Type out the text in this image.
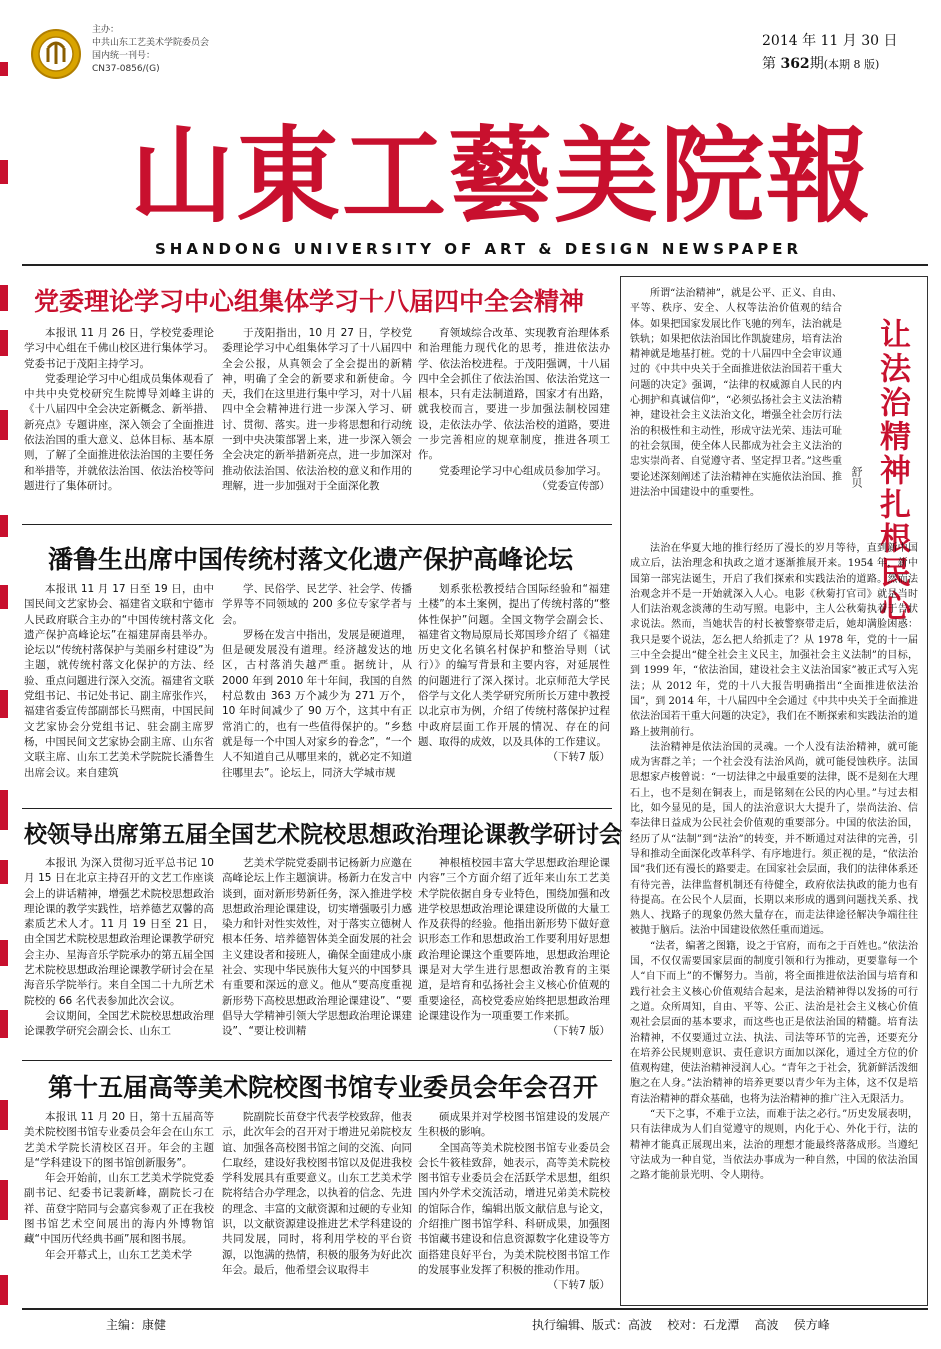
主办：
中共山东工艺美术学院委员会
国内统一刊号：
CN37-0856/(G)
2014 年 11 月 30 日
第 362期(本期 8 版)
山東工藝美院報
SHANDONG UNIVERSITY OF ART & DESIGN NEWSPAPER
党委理论学习中心组集体学习十八届四中全会精神

本报讯 11 月 26 日，学校党委理论学习中心组在千佛山校区进行集体学习。党委书记于茂阳主持学习。

党委理论学习中心组成员集体观看了中共中央党校研究生院博导刘峰主讲的《十八届四中全会决定新概念、新举措、新亮点》专题讲座，深入领会了全面推进依法治国的重大意义、总体目标、基本原则，了解了全面推进依法治国的主要任务和举措等，并就依法治国、依法治校等问题进行了集体研讨。

于茂阳指出，10 月 27 日，学校党委理论学习中心组集体学习了十八届四中全会公报，从真领会了全会提出的新精神，明确了全会的新要求和新使命。今天，我们在这里进行集中学习，对十八届四中全会精神进行进一步深入学习、研讨、贯彻、落实。进一步将思想和行动统一到中央决策部署上来，进一步深入领会全会决定的新举措新亮点，进一步加深对推动依法治国、依法治校的意义和作用的理解，进一步加强对于全面深化教

育领域综合改革、实现教育治理体系和治理能力现代化的思考，推进依法办学、依法治校进程。于茂阳强调，十八届四中全会抓住了依法治国、依法治党这一根本，只有走法制道路，国家才有出路，就我校而言，要进一步加强法制校园建设，走依法办学、依法治校的道路，要进一步完善相应的规章制度，推进各项工作。

党委理论学习中心组成员参加学习。

（党委宣传部）

潘鲁生出席中国传统村落文化遗产保护高峰论坛

本报讯 11 月 17 日至 19 日，由中国民间文艺家协会、福建省文联和宁德市人民政府联合主办的“中国传统村落文化遗产保护高峰论坛”在福建屏南县举办。论坛以“传统村落保护与美丽乡村建设”为主题，就传统村落文化保护的方法、经验、重点问题进行深入交流。福建省文联党组书记、书记处书记、副主席张作兴，福建省委宣传部副部长马熙南，中国民间文艺家协会分党组书记、驻会副主席罗杨，中国民间文艺家协会副主席、山东省文联主席、山东工艺美术学院院长潘鲁生出席会议。来自建筑

学、民俗学、民艺学、社会学、传播学界等不同领域的 200 多位专家学者与会。

罗杨在发言中指出，发展是硬道理，但是硬发展没有道理。经济越发达的地区，古村落消失越严重。据统计，从 2000 年到 2010 年十年间，我国的自然村总数由 363 万个减少为 271 万个，10 年时间减少了 90 万个，这其中有正常消亡的，也有一些值得保护的。“乡愁就是每一个中国人对家乡的眷念”，“一个人不知道自己从哪里来的，就必定不知道往哪里去”。论坛上，同济大学城市规

划系张松教授结合国际经验和“福建土楼”的本土案例，提出了传统村落的“整体性保护”问题。全国文物学会副会长、福建省文物局原局长郑国珍介绍了《福建历史文化名镇名村保护和整治导则（试行）》的编写背景和主要内容，对延展性的问题进行了深入探讨。北京师范大学民俗学与文化人类学研究所所长万建中教授以北京市为例，介绍了传统村落保护过程中政府层面工作开展的情况、存在的问题、取得的成效，以及具体的工作建议。

（下转7 版）

校领导出席第五届全国艺术院校思想政治理论课教学研讨会

本报讯 为深入贯彻习近平总书记 10 月 15 日在北京主持召开的文艺工作座谈会上的讲话精神，增强艺术院校思想政治理论课的教学实践性，培养德艺双馨的高素质艺术人才。11 月 19 日至 21 日，由全国艺术院校思想政治理论课教学研究会主办、星海音乐学院承办的第五届全国艺术院校思想政治理论课教学研讨会在星海音乐学院举行。来自全国二十九所艺术院校的 66 名代表参加此次会议。

会议期间，全国艺术院校思想政治理论课教学研究会副会长、山东工

艺美术学院党委副书记杨新力应邀在高峰论坛上作主题演讲。杨新力在发言中谈到，面对新形势新任务，深入推进学校思想政治理论课建设，切实增强吸引力感染力和针对性实效性，对于落实立德树人根本任务、培养德智体美全面发展的社会主义建设者和接班人，确保全面建成小康社会、实现中华民族伟大复兴的中国梦具有重要和深远的意义。他从“要高度重视新形势下高校思想政治理论课建设”、“要倡导大学精神引领大学思想政治理论课建设”、“要让校训精

神根植校园丰富大学思想政治理论课内容”三个方面介绍了近年来山东工艺美术学院依据自身专业特色，围绕加强和改进学校思想政治理论课建设所做的大量工作及获得的经验。他指出新形势下做好意识形态工作和思想政治工作要利用好思想政治理论课这个重要阵地，思想政治理论课是对大学生进行思想政治教育的主渠道，是培育和弘扬社会主义核心价值观的重要途径，高校党委应始终把思想政治理论课建设作为一项重要工作来抓。

（下转7 版）

第十五届高等美术院校图书馆专业委员会年会召开

本报讯 11 月 20 日，第十五届高等美术院校图书馆专业委员会年会在山东工艺美术学院长清校区召开。年会的主题是“学科建设下的图书馆创新服务”。

年会开始前，山东工艺美术学院党委副书记、纪委书记裴新峰，副院长刁在祥、苗登宇陪同与会嘉宾参观了正在我校图书馆艺术空间展出的海内外博物馆藏“中国历代经典书画”展和图书展。

年会开幕式上，山东工艺美术学

院副院长苗登宇代表学校致辞，他表示，此次年会的召开对于增进兄弟院校友谊、加强各高校图书馆之间的交流、向同仁取经，建设好我校图书馆以及促进我校学科发展具有重要意义。山东工艺美术学院将结合办学理念，以执着的信念、先进的理念、丰富的文献资源和过硬的专业知识，以文献资源建设推进艺术学科建设的共同发展，同时，将利用学校的平台资源，以饱满的热情，积极的服务为好此次年会。最后，他希望会议取得丰

硕成果并对学校图书馆建设的发展产生积极的影响。

全国高等美术院校图书馆专业委员会会长牛筱桂致辞，她表示，高等美术院校图书馆专业委员会在活跃学术思想，组织国内外学术交流活动，增进兄弟美术院校的馆际合作，编辑出版文献信息与论文，介绍推广图书馆学科、科研成果，加强图书馆藏书建设和信息资源数字化建设等方面搭建良好平台，为美术院校图书馆工作的发展事业发挥了积极的推动作用。

（下转7 版）

让法治精神扎根民心
舒贝

所谓“法治精神”，就是公平、正义、自由、平等、秩序、安全、人权等法治价值观的结合体。如果把国家发展比作飞驰的列车，法治就是铁轨；如果把依法治国比作凯旋建房，培育法治精神就是地基打桩。党的十八届四中全会审议通过的《中共中央关于全面推进依法治国若干重大问题的决定》强调，“法律的权威源自人民的内心拥护和真诚信仰”，“必须弘扬社会主义法治精神，建设社会主义法治文化，增强全社会厉行法治的积极性和主动性，形成守法光荣、违法可耻的社会氛围，使全体人民都成为社会主义法治的忠实崇尚者、自觉遵守者、坚定捍卫者。”这些重要论述深刻阐述了法治精神在实施依法治国、推进法治中国建设中的重要性。

法治在华夏大地的推行经历了漫长的岁月等待，直到新中国成立后，法治理念和执政之道才逐渐推展开来。1954 年，新中国第一部宪法诞生，开启了我们探索和实践法治的道路。然而法治观念并不是一开始就深入人心。电影《秋菊打官司》就是当时人们法治观念淡薄的生动写照。电影中，主人公秋菊执着于告状求说法。然而，当她状告的村长被警察带走后，她却满脸困惑：我只是要个说法，怎么把人给抓走了？从 1978 年，党的十一届三中全会提出“健全社会主义民主，加强社会主义法制”的目标，到 1999 年，“依法治国，建设社会主义法治国家”被正式写入宪法；从 2012 年，党的十八大报告明确指出“全面推进依法治国”，到 2014 年，十八届四中全会通过《中共中央关于全面推进依法治国若干重大问题的决定》，我们在不断探索和实践法治的道路上披荆前行。

法治精神是依法治国的灵魂。一个人没有法治精神，就可能成为害群之羊；一个社会没有法治风尚，就可能侵蚀秩序。法国思想家卢梭曾说：“一切法律之中最重要的法律，既不是刻在大理石上，也不是刻在铜表上，而是铭刻在公民的内心里。”与过去相比，如今显见的是，国人的法治意识大大提升了，崇尚法治、信奉法律日益成为公民社会价值观的重要部分。中国的依法治国，经历了从“法制”到“法治”的转变，并不断通过对法律的完善，引导和推动全面深化改革科学、有序地进行。须正视的是，“依法治国”我们还有漫长的路要走。在国家社会层面，我们的法律体系还有待完善，法律监督机制还有待健全，政府依法执政的能力也有待提高。在公民个人层面，长期以来形成的遇到问题找关系、找熟人、找路子的现象仍然大量存在，而走法律途径解决争端往往被抛于脑后。法治中国建设依然任重而道远。

“法者，编著之图籍，设之于官府，而布之于百姓也。”依法治国，不仅仅需要国家层面的制度引领和行为推动，更要靠每一个人“自下而上”的不懈努力。当前，将全面推进依法治国与培育和践行社会主义核心价值观结合起来，是法治精神得以发扬的可行之道。众所周知，自由、平等、公正、法治是社会主义核心价值观社会层面的基本要求，而这些也正是依法治国的精髓。培育法治精神，不仅要通过立法、执法、司法等环节的完善，还要充分在培养公民规则意识、责任意识方面加以深化，通过全方位的价值观构建，使法治精神浸润人心。“青年之于社会，犹新鲜活泼细胞之在人身。”法治精神的培养更要以青少年为主体，这不仅是培育法治精神的群众基础，也将为法治精神的推广注入无限活力。

“天下之事，不难于立法，而难于法之必行。”历史发展表明，只有法律成为人们自觉遵守的规则，内化于心、外化于行，法的精神才能真正展现出来，法治的理想才能最终落落成形。当遵纪守法成为一种自觉，当依法办事成为一种自然，中国的依法治国之路才能前景光明、令人期待。

主编：康健	执行编辑、版式：高波    校对：石龙潭    高波    侯方峰
